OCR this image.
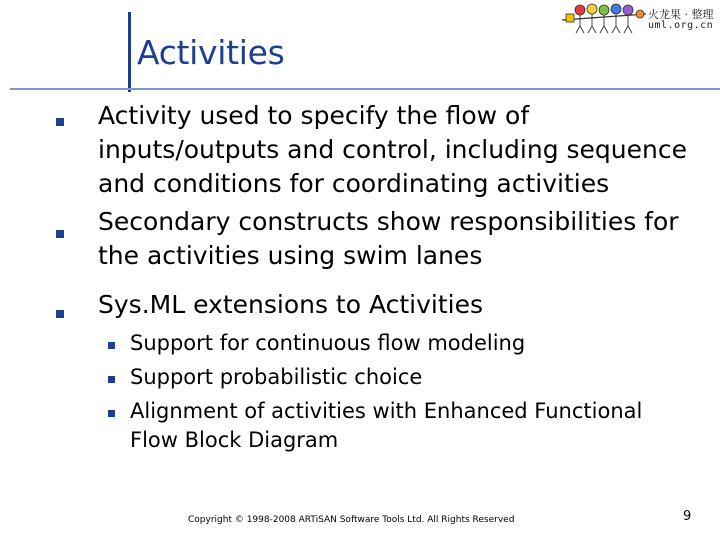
Activities
火龙果 · 整理
uml.org.cn
Activity used to specify the flow of inputs/outputs and control, including sequence and conditions for coordinating activities
Secondary constructs show responsibilities for the activities using swim lanes
Sys.ML extensions to Activities
Support for continuous flow modeling
Support probabilistic choice
Alignment of activities with Enhanced Functional Flow Block Diagram
Copyright © 1998-2008 ARTiSAN Software Tools Ltd. All Rights Reserved	9
